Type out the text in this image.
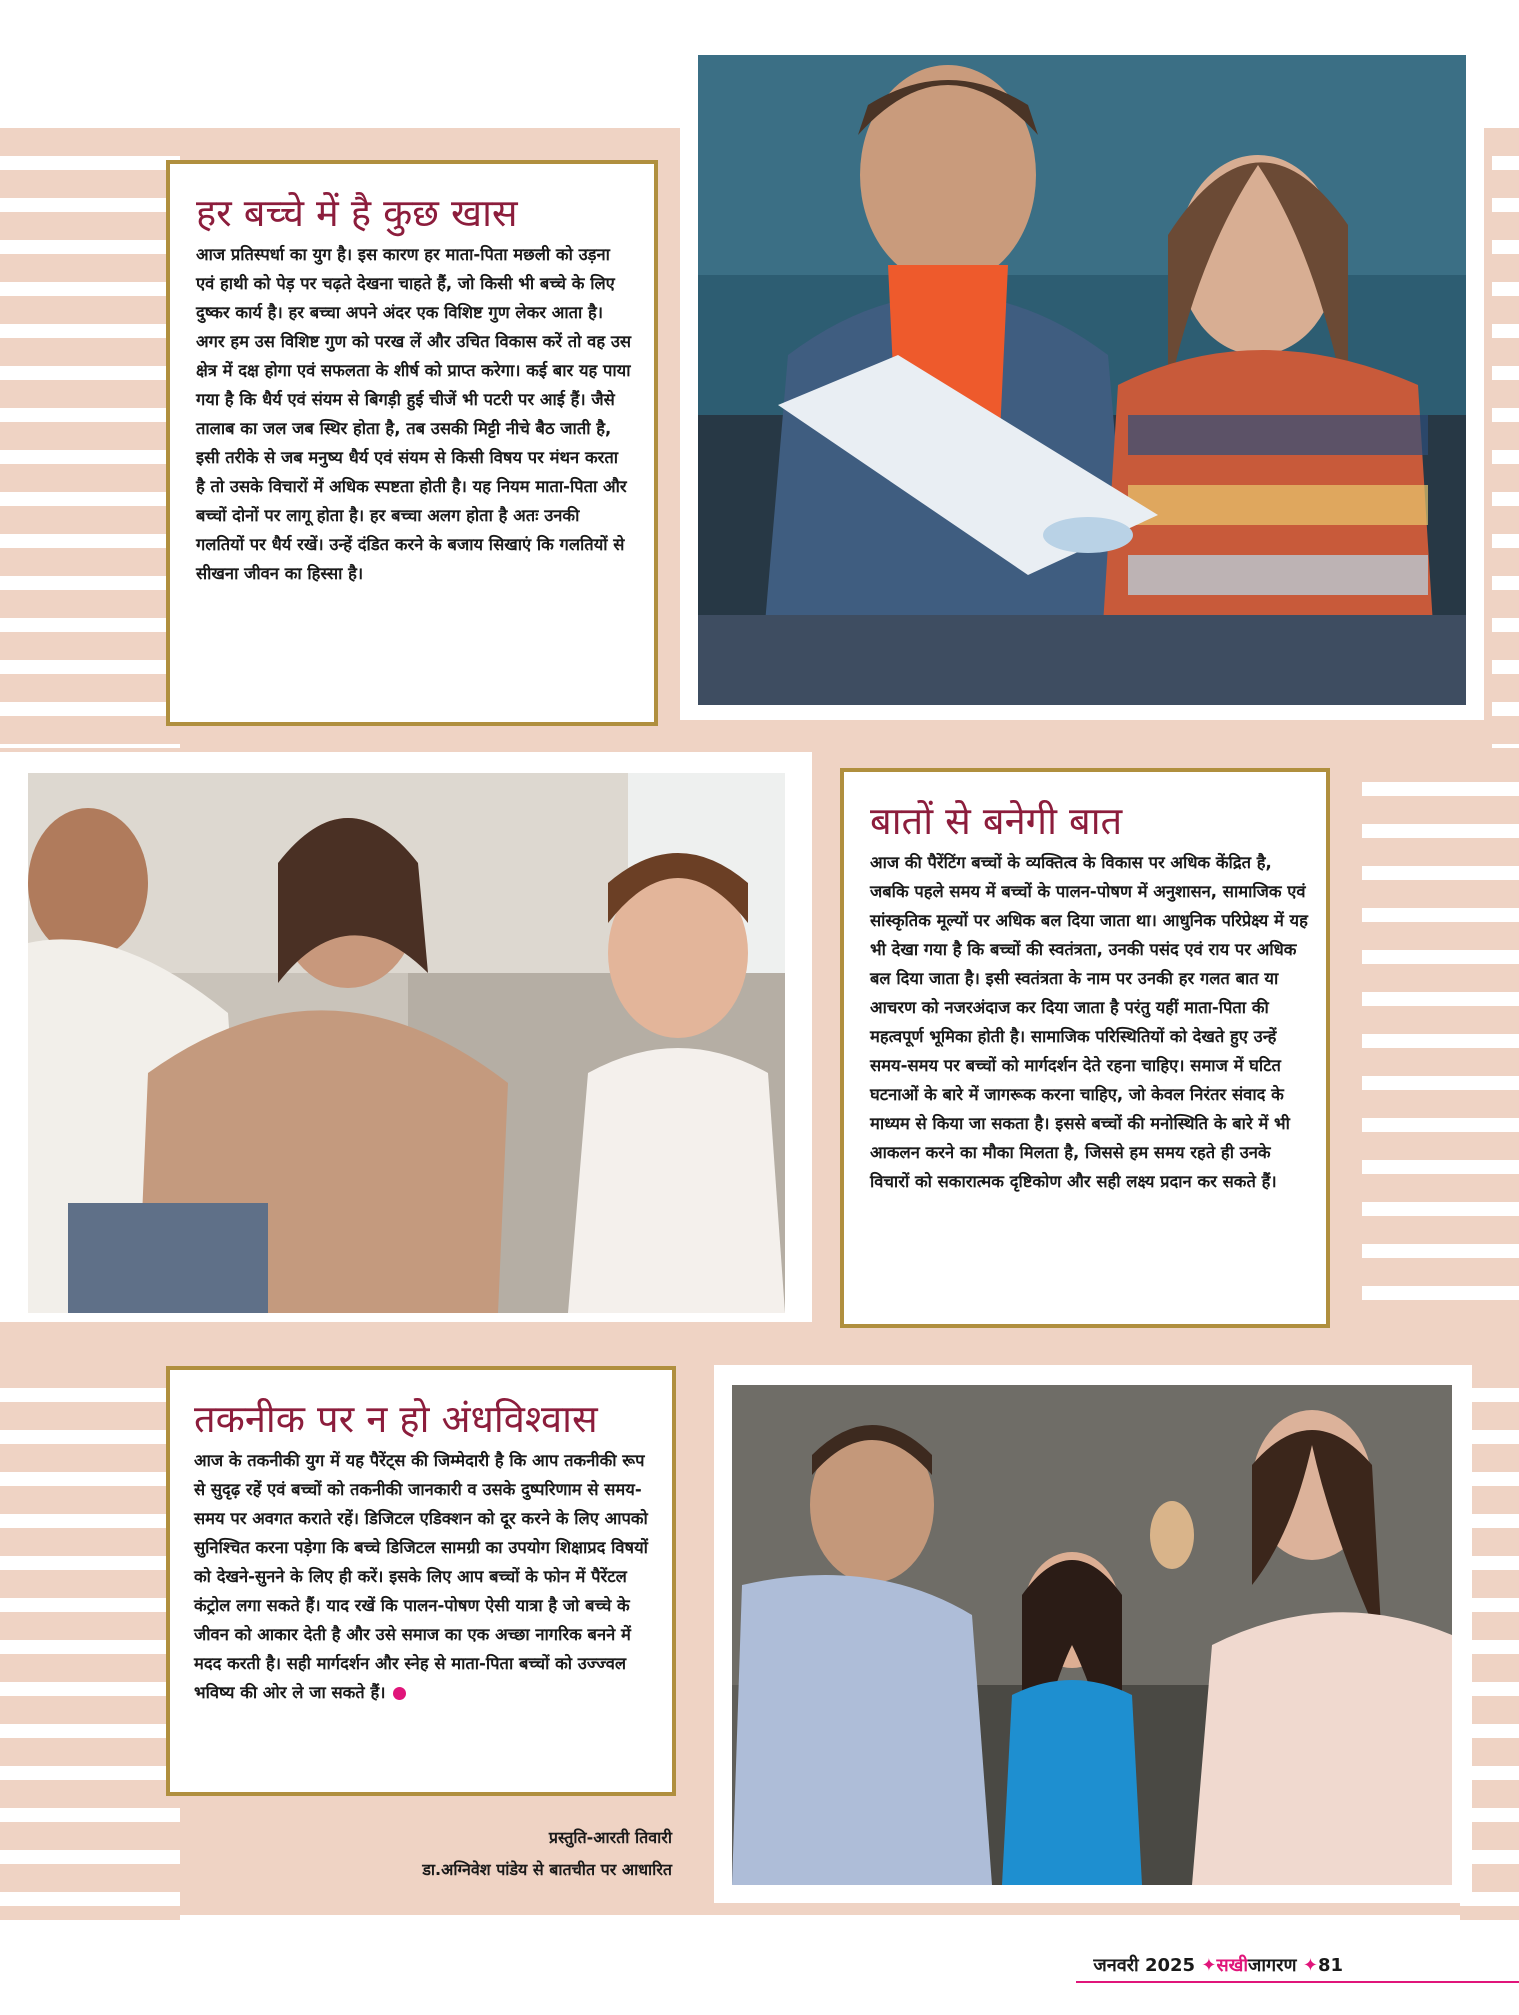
हर बच्चे में है कुछ खास

आज प्रतिस्पर्धा का युग है। इस कारण हर माता-पिता मछली को उड़ना एवं हाथी को पेड़ पर चढ़ते देखना चाहते हैं, जो किसी भी बच्चे के लिए दुष्कर कार्य है। हर बच्चा अपने अंदर एक विशिष्ट गुण लेकर आता है। अगर हम उस विशिष्ट गुण को परख लें और उचित विकास करें तो वह उस क्षेत्र में दक्ष होगा एवं सफलता के शीर्ष को प्राप्त करेगा। कई बार यह पाया गया है कि धैर्य एवं संयम से बिगड़ी हुई चीजें भी पटरी पर आई हैं। जैसे तालाब का जल जब स्थिर होता है, तब उसकी मिट्टी नीचे बैठ जाती है, इसी तरीके से जब मनुष्य धैर्य एवं संयम से किसी विषय पर मंथन करता है तो उसके विचारों में अधिक स्पष्टता होती है। यह नियम माता-पिता और बच्चों दोनों पर लागू होता है। हर बच्चा अलग होता है अतः उनकी गलतियों पर धैर्य रखें। उन्हें दंडित करने के बजाय सिखाएं कि गलतियों से सीखना जीवन का हिस्सा है।

बातों से बनेगी बात

आज की पैरेंटिंग बच्चों के व्यक्तित्व के विकास पर अधिक केंद्रित है, जबकि पहले समय में बच्चों के पालन-पोषण में अनुशासन, सामाजिक एवं सांस्कृतिक मूल्यों पर अधिक बल दिया जाता था। आधुनिक परिप्रेक्ष्य में यह भी देखा गया है कि बच्चों की स्वतंत्रता, उनकी पसंद एवं राय पर अधिक बल दिया जाता है। इसी स्वतंत्रता के नाम पर उनकी हर गलत बात या आचरण को नजरअंदाज कर दिया जाता है परंतु यहीं माता-पिता की महत्वपूर्ण भूमिका होती है। सामाजिक परिस्थितियों को देखते हुए उन्हें समय-समय पर बच्चों को मार्गदर्शन देते रहना चाहिए। समाज में घटित घटनाओं के बारे में जागरूक करना चाहिए, जो केवल निरंतर संवाद के माध्यम से किया जा सकता है। इससे बच्चों की मनोस्थिति के बारे में भी आकलन करने का मौका मिलता है, जिससे हम समय रहते ही उनके विचारों को सकारात्मक दृष्टिकोण और सही लक्ष्य प्रदान कर सकते हैं।

तकनीक पर न हो अंधविश्वास

आज के तकनीकी युग में यह पैरेंट्स की जिम्मेदारी है कि आप तकनीकी रूप से सुदृढ़ रहें एवं बच्चों को तकनीकी जानकारी व उसके दुष्परिणाम से समय-समय पर अवगत कराते रहें। डिजिटल एडिक्शन को दूर करने के लिए आपको सुनिश्चित करना पड़ेगा कि बच्चे डिजिटल सामग्री का उपयोग शिक्षाप्रद विषयों को देखने-सुनने के लिए ही करें। इसके लिए आप बच्चों के फोन में पैरेंटल कंट्रोल लगा सकते हैं। याद रखें कि पालन-पोषण ऐसी यात्रा है जो बच्चे के जीवन को आकार देती है और उसे समाज का एक अच्छा नागरिक बनने में मदद करती है। सही मार्गदर्शन और स्नेह से माता-पिता बच्चों को उज्ज्वल भविष्य की ओर ले जा सकते हैं।

प्रस्तुति-आरती तिवारी
डा.अग्निवेश पांडेय से बातचीत पर आधारित
जनवरी 2025 ✦सखीजागरण ✦81
